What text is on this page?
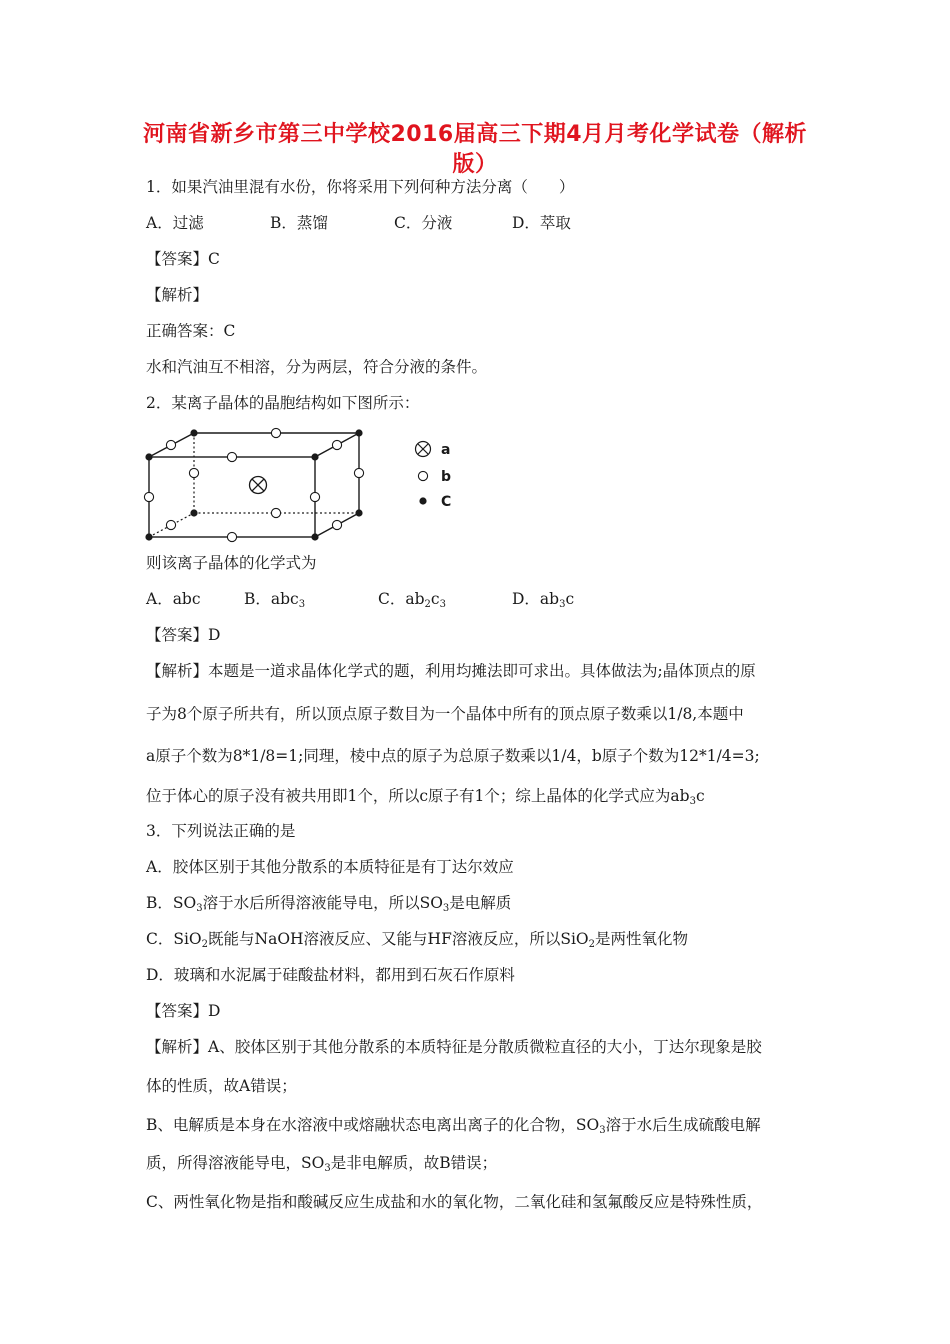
河南省新乡市第三中学校2016届高三下期4月月考化学试卷（解析
版）
1．如果汽油里混有水份，你将采用下列何种方法分离（　　）
A．过滤	B．蒸馏	C．分液	D．萃取
【答案】C
【解析】
正确答案：C
水和汽油互不相溶，分为两层，符合分液的条件。
2．某离子晶体的晶胞结构如下图所示：
a
b
C
则该离子晶体的化学式为
A．abc	B．abc$_3$	C．$ab_2c_3$	D．$ab_3c$
【答案】D
【解析】本题是一道求晶体化学式的题，利用均摊法即可求出。具体做法为;晶体顶点的原
子为8个原子所共有，所以顶点原子数目为一个晶体中所有的顶点原子数乘以1/8,本题中
a原子个数为8*1/8=1;同理，棱中点的原子为总原子数乘以1/4，b原子个数为12*1/4=3;
位于体心的原子没有被共用即1个，所以c原子有1个；综上晶体的化学式应为$ab_3c$
3．下列说法正确的是
A．胶体区别于其他分散系的本质特征是有丁达尔效应
B．$SO_3$溶于水后所得溶液能导电，所以$SO_3$是电解质
C．SiO$_2$既能与NaOH溶液反应、又能与HF溶液反应，所以SiO$_2$是两性氧化物
D．玻璃和水泥属于硅酸盐材料，都用到石灰石作原料
【答案】D
【解析】A、胶体区别于其他分散系的本质特征是分散质微粒直径的大小，丁达尔现象是胶
体的性质，故A错误；
B、电解质是本身在水溶液中或熔融状态电离出离子的化合物，$SO_3$溶于水后生成硫酸电解
质，所得溶液能导电，$SO_3$是非电解质，故B错误；
C、两性氧化物是指和酸碱反应生成盐和水的氧化物，二氧化硅和氢氟酸反应是特殊性质，
